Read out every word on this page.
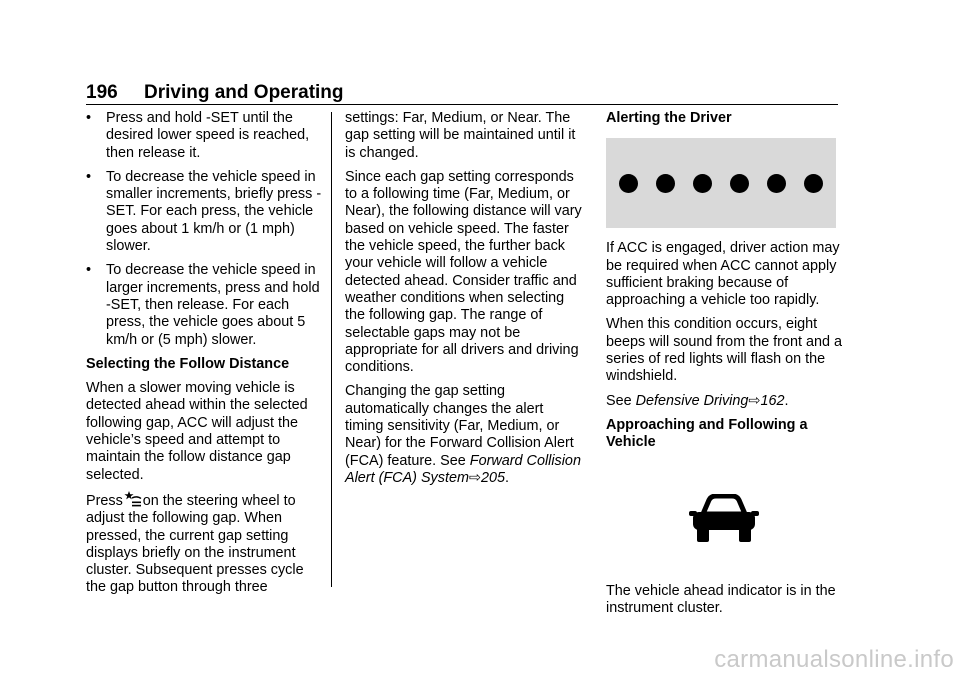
196 Driving and Operating
• Press and hold -SET until the desired lower speed is reached, then release it.
• To decrease the vehicle speed in smaller increments, briefly press -SET. For each press, the vehicle goes about 1 km/h or (1 mph) slower.
• To decrease the vehicle speed in larger increments, press and hold -SET, then release. For each press, the vehicle goes about 5 km/h or (5 mph) slower.

Selecting the Follow Distance

When a slower moving vehicle is detected ahead within the selected following gap, ACC will adjust the vehicle’s speed and attempt to maintain the follow distance gap selected.

Press on the steering wheel to adjust the following gap. When pressed, the current gap setting displays briefly on the instrument cluster. Subsequent presses cycle the gap button through three

settings: Far, Medium, or Near. The gap setting will be maintained until it is changed.

Since each gap setting corresponds to a following time (Far, Medium, or Near), the following distance will vary based on vehicle speed. The faster the vehicle speed, the further back your vehicle will follow a vehicle detected ahead. Consider traffic and weather conditions when selecting the following gap. The range of selectable gaps may not be appropriate for all drivers and driving conditions.

Changing the gap setting automatically changes the alert timing sensitivity (Far, Medium, or Near) for the Forward Collision Alert (FCA) feature. See Forward Collision Alert (FCA) System⇨205.

Alerting the Driver

If ACC is engaged, driver action may be required when ACC cannot apply sufficient braking because of approaching a vehicle too rapidly.

When this condition occurs, eight beeps will sound from the front and a series of red lights will flash on the windshield.

See Defensive Driving⇨162.

Approaching and Following a Vehicle

The vehicle ahead indicator is in the instrument cluster.

carmanualsonline.info
